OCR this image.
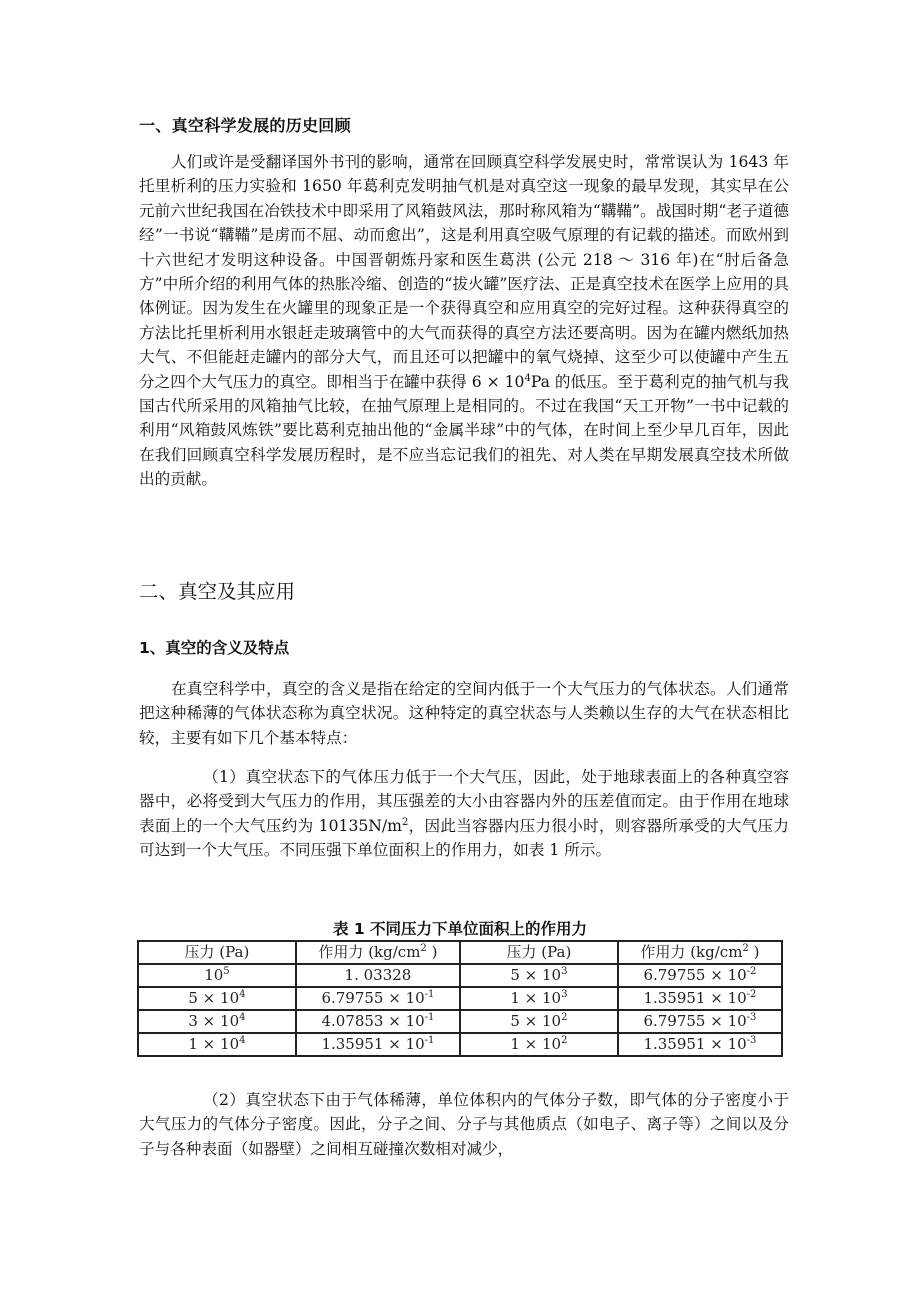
一、真空科学发展的历史回顾
人们或许是受翻译国外书刊的影响，通常在回顾真空科学发展史时，常常误认为 1643 年托里析利的压力实验和 1650 年葛利克发明抽气机是对真空这一现象的最早发现，其实早在公元前六世纪我国在冶铁技术中即采用了风箱鼓风法，那时称风箱为“鞲鞴”。战国时期“老子道德经”一书说“鞲鞴”是虏而不屈、动而愈出”，这是利用真空吸气原理的有记载的描述。而欧州到十六世纪才发明这种设备。中国晋朝炼丹家和医生葛洪 (公元 218 ～ 316 年)在“肘后备急方”中所介绍的利用气体的热胀冷缩、创造的“拔火罐”医疗法、正是真空技术在医学上应用的具体例证。因为发生在火罐里的现象正是一个获得真空和应用真空的完好过程。这种获得真空的方法比托里析利用水银赶走玻璃管中的大气而获得的真空方法还要高明。因为在罐内燃纸加热大气、不但能赶走罐内的部分大气，而且还可以把罐中的氧气烧掉、这至少可以使罐中产生五分之四个大气压力的真空。即相当于在罐中获得 $6 \times 10^4Pa$ 的低压。至于葛利克的抽气机与我国古代所采用的风箱抽气比较，在抽气原理上是相同的。不过在我国“天工开物”一书中记载的利用“风箱鼓风炼铁”要比葛利克抽出他的“金属半球”中的气体，在时间上至少早几百年，因此在我们回顾真空科学发展历程时，是不应当忘记我们的祖先、对人类在早期发展真空技术所做出的贡献。
二、真空及其应用
1、真空的含义及特点
在真空科学中，真空的含义是指在给定的空间内低于一个大气压力的气体状态。人们通常把这种稀薄的气体状态称为真空状况。这种特定的真空状态与人类赖以生存的大气在状态相比较，主要有如下几个基本特点：
（1）真空状态下的气体压力低于一个大气压，因此，处于地球表面上的各种真空容器中，必将受到大气压力的作用，其压强差的大小由容器内外的压差值而定。由于作用在地球表面上的一个大气压约为 $10135N/m^2$，因此当容器内压力很小时，则容器所承受的大气压力可达到一个大气压。不同压强下单位面积上的作用力，如表 1 所示。
表 1 不同压力下单位面积上的作用力
压力 (Pa)	作用力 ($kg/cm^2$ )	压力 (Pa)	作用力 ($kg/cm^2$ )
$10^5$	1. 03328	$5 \times 10^3$	$6.79755 \times 10^{-2}$
$5 \times 10^4$	$6.79755 \times 10^{-1}$	$1 \times 10^3$	$1.35951 \times 10^{-2}$
$3 \times 10^4$	$4.07853 \times 10^{-1}$	$5 \times 10^2$	$6.79755 \times 10^{-3}$
$1 \times 10^4$	$1.35951 \times 10^{-1}$	$1 \times 10^2$	$1.35951 \times 10^{-3}$
（2）真空状态下由于气体稀薄，单位体积内的气体分子数，即气体的分子密度小于大气压力的气体分子密度。因此，分子之间、分子与其他质点（如电子、离子等）之间以及分子与各种表面（如器壁）之间相互碰撞次数相对减少，
